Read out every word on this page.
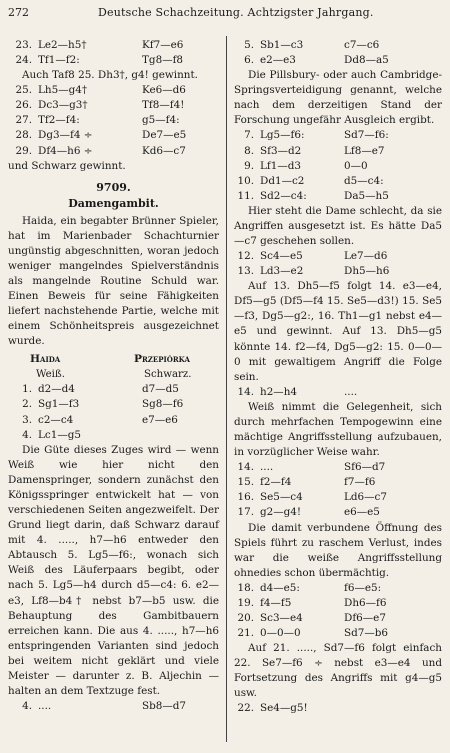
272	Deutsche Schachzeitung. Achtzigster Jahrgang.
23. Le2—h5†	Kf7—e6
24. Tf1—f2:	Tg8—f8

Auch Taf8 25. Dh3†, g4! gewinnt.

25. Lh5—g4†	Ke6—d6
26. Dc3—g3†	Tf8—f4!
27. Tf2—f4:	g5—f4:
28. Dg3—f4 ÷	De7—e5
29. Df4—h6 ÷	Kd6—c7

und Schwarz gewinnt.

9709.
Damengambit.

Haida, ein begabter Brünner Spieler, hat im Marienbader Schachturnier ungünstig abgeschnitten, woran jedoch weniger mangelndes Spielverständnis als mangelnde Routine Schuld war. Einen Beweis für seine Fähigkeiten liefert nachstehende Partie, welche mit einem Schönheitspreis ausgezeichnet wurde.

Haida	Przepiórka
Weiß.	Schwarz.
1. d2—d4	d7—d5
2. Sg1—f3	Sg8—f6
3. c2—c4	e7—e6
4. Lc1—g5

Die Güte dieses Zuges wird — wenn Weiß wie hier nicht den Damenspringer, sondern zunächst den Königsspringer entwickelt hat — von verschiedenen Seiten angezweifelt. Der Grund liegt darin, daß Schwarz darauf mit 4. ....., h7—h6 entweder den Abtausch 5. Lg5—f6:, wonach sich Weiß des Läuferpaars begibt, oder nach 5. Lg5—h4 durch d5—c4: 6. e2—e3, Lf8—b4† nebst b7—b5 usw. die Behauptung des Gambitbauern erreichen kann. Die aus 4. ....., h7—h6 entspringenden Varianten sind jedoch bei weitem nicht geklärt und viele Meister — darunter z. B. Aljechin — halten an dem Textzuge fest.

4. ....	Sb8—d7
5. Sb1—c3	c7—c6
6. e2—e3	Dd8—a5

Die Pillsbury- oder auch Cambridge-Springsverteidigung genannt, welche nach dem derzeitigen Stand der Forschung ungefähr Ausgleich ergibt.

7. Lg5—f6:	Sd7—f6:
8. Sf3—d2	Lf8—e7
9. Lf1—d3	0—0
10. Dd1—c2	d5—c4:
11. Sd2—c4:	Da5—h5

Hier steht die Dame schlecht, da sie Angriffen ausgesetzt ist. Es hätte Da5—c7 geschehen sollen.

12. Sc4—e5	Le7—d6
13. Ld3—e2	Dh5—h6

Auf 13. Dh5—f5 folgt 14. e3—e4, Df5—g5 (Df5—f4 15. Se5—d3!) 15. Se5—f3, Dg5—g2:, 16. Th1—g1 nebst e4—e5 und gewinnt. Auf 13. Dh5—g5 könnte 14. f2—f4, Dg5—g2: 15. 0—0—0 mit gewaltigem Angriff die Folge sein.

14. h2—h4	....

Weiß nimmt die Gelegenheit, sich durch mehrfachen Tempogewinn eine mächtige Angriffsstellung aufzubauen, in vorzüglicher Weise wahr.

14. ....	Sf6—d7
15. f2—f4	f7—f6
16. Se5—c4	Ld6—c7
17. g2—g4!	e6—e5

Die damit verbundene Öffnung des Spiels führt zu raschem Verlust, indes war die weiße Angriffsstellung ohnedies schon übermächtig.

18. d4—e5:	f6—e5:
19. f4—f5	Dh6—f6
20. Sc3—e4	Df6—e7
21. 0—0—0	Sd7—b6

Auf 21. ....., Sd7—f6 folgt einfach 22. Se7—f6 ÷ nebst e3—e4 und Fortsetzung des Angriffs mit g4—g5 usw.

22. Se4—g5!
